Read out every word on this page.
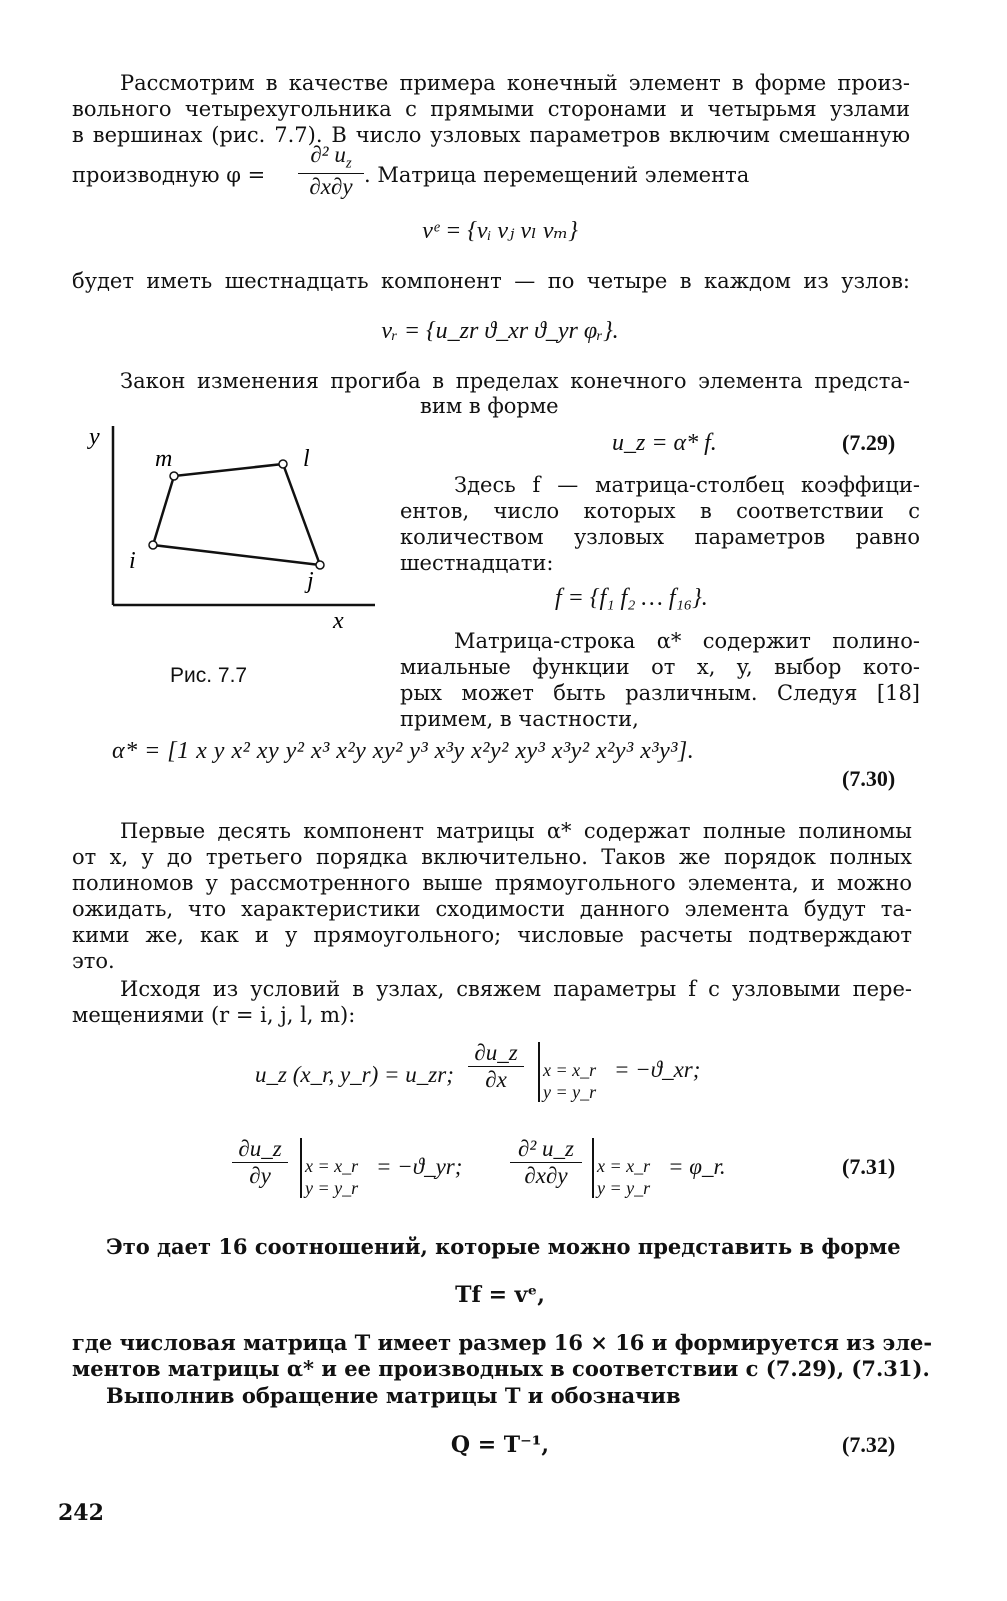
Рассмотрим в качестве примера конечный элемент в форме произ-
вольного четырехугольника с прямыми сторонами и четырьмя узлами
в вершинах (рис. 7.7). В число узловых параметров включим смешанную
производную $\varphi = \frac{\partial^2 u_z}{\partial x\partial y}$ . Матрица перемещений элемента
vᵉ = {vᵢ vⱼ vₗ vₘ}
будет иметь шестнадцать компонент — по четыре в каждом из узлов:
vᵣ = {u_zr ϑ_xr ϑ_yr φᵣ}.
Закон изменения прогиба в пределах конечного элемента предста-
вим в форме
y
x
m	l
i
j
Рис. 7.7
u_z = α* f.	(7.29)
Здесь f — матрица-столбец коэффици-
ентов, число которых в соответствии с
количеством узловых параметров равно
шестнадцати:
f = {f₁ f₂ … f₁₆}.
Матрица-строка α* содержит полино-
миальные функции от x, y, выбор кото-
рых может быть различным. Следуя [18]
примем, в частности,
α* = [1 x y x² xy y² x³ x²y xy² y³ x³y x²y² xy³ x³y² x²y³ x³y³].
(7.30)
Первые десять компонент матрицы α* содержат полные полиномы
от x, y до третьего порядка включительно. Таков же порядок полных
полиномов у рассмотренного выше прямоугольного элемента, и можно
ожидать, что характеристики сходимости данного элемента будут та-
кими же, как и у прямоугольного; числовые расчеты подтверждают
это.
Исходя из условий в узлах, свяжем параметры f с узловыми пере-
мещениями (r = i, j, l, m):
u_z (x_r, y_r) = u_zr; $\frac{\partial u\_z}{\partial x}$ x = x_r
y = y_r
= −ϑ_xr;
$\frac{\partial u\_z}{\partial y}$ x = x_r
y = y_r
= −ϑ_yr; $\frac{\text{∂² u\_z}}{\partial x\partial y}$ x = x_r
y = y_r
= φ_r.	(7.31)
Это дает 16 соотношений, которые можно представить в форме
Tf = vᵉ,
где числовая матрица T имеет размер 16 × 16 и формируется из эле-
ментов матрицы α* и ее производных в соответствии с (7.29), (7.31).
Выполнив обращение матрицы T и обозначив
Q = T⁻¹,	(7.32)
242
